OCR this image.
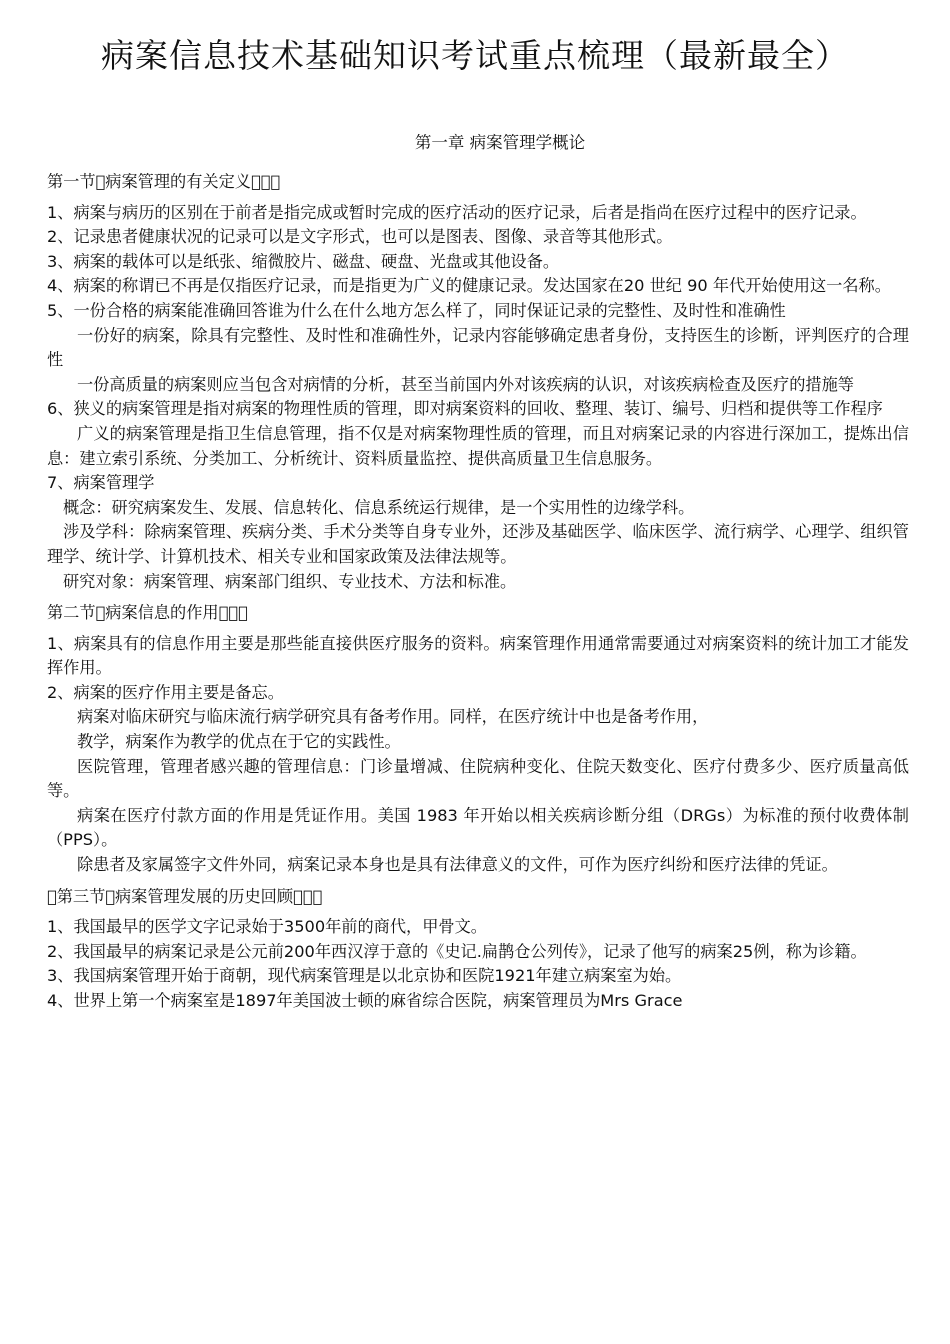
病案信息技术基础知识考试重点梳理（最新最全）
第一章 病案管理学概论

第一节 病案管理的有关定义   

1、病案与病历的区别在于前者是指完成或暂时完成的医疗活动的医疗记录，后者是指尚在医疗过程中的医疗记录。

2、记录患者健康状况的记录可以是文字形式，也可以是图表、图像、录音等其他形式。

3、病案的载体可以是纸张、缩微胶片、磁盘、硬盘、光盘或其他设备。

4、病案的称谓已不再是仅指医疗记录，而是指更为广义的健康记录。发达国家在20 世纪 90 年代开始使用这一名称。

5、一份合格的病案能准确回答谁为什么在什么地方怎么样了，同时保证记录的完整性、及时性和准确性

一份好的病案，除具有完整性、及时性和准确性外，记录内容能够确定患者身份，支持医生的诊断，评判医疗的合理性

一份高质量的病案则应当包含对病情的分析，甚至当前国内外对该疾病的认识，对该疾病检查及医疗的措施等

6、狭义的病案管理是指对病案的物理性质的管理，即对病案资料的回收、整理、装订、编号、归档和提供等工作程序

广义的病案管理是指卫生信息管理，指不仅是对病案物理性质的管理，而且对病案记录的内容进行深加工，提炼出信息：建立索引系统、分类加工、分析统计、资料质量监控、提供高质量卫生信息服务。

7、病案管理学

概念：研究病案发生、发展、信息转化、信息系统运行规律，是一个实用性的边缘学科。

涉及学科：除病案管理、疾病分类、手术分类等自身专业外，还涉及基础医学、临床医学、流行病学、心理学、组织管理学、统计学、计算机技术、相关专业和国家政策及法律法规等。

研究对象：病案管理、病案部门组织、专业技术、方法和标准。

第二节 病案信息的作用   

1、病案具有的信息作用主要是那些能直接供医疗服务的资料。病案管理作用通常需要通过对病案资料的统计加工才能发挥作用。

2、病案的医疗作用主要是备忘。

病案对临床研究与临床流行病学研究具有备考作用。同样，在医疗统计中也是备考作用，

教学，病案作为教学的优点在于它的实践性。

医院管理，管理者感兴趣的管理信息：门诊量增减、住院病种变化、住院天数变化、医疗付费多少、医疗质量高低等。

病案在医疗付款方面的作用是凭证作用。美国 1983 年开始以相关疾病诊断分组（DRGs）为标准的预付收费体制（PPS）。

除患者及家属签字文件外同，病案记录本身也是具有法律意义的文件，可作为医疗纠纷和医疗法律的凭证。

 第三节 病案管理发展的历史回顾   

1、我国最早的医学文字记录始于3500年前的商代，甲骨文。

2、我国最早的病案记录是公元前200年西汉淳于意的《史记.扁鹊仓公列传》，记录了他写的病案25例，称为诊籍。

3、我国病案管理开始于商朝，现代病案管理是以北京协和医院1921年建立病案室为始。

4、世界上第一个病案室是1897年美国波士顿的麻省综合医院，病案管理员为Mrs Grace
